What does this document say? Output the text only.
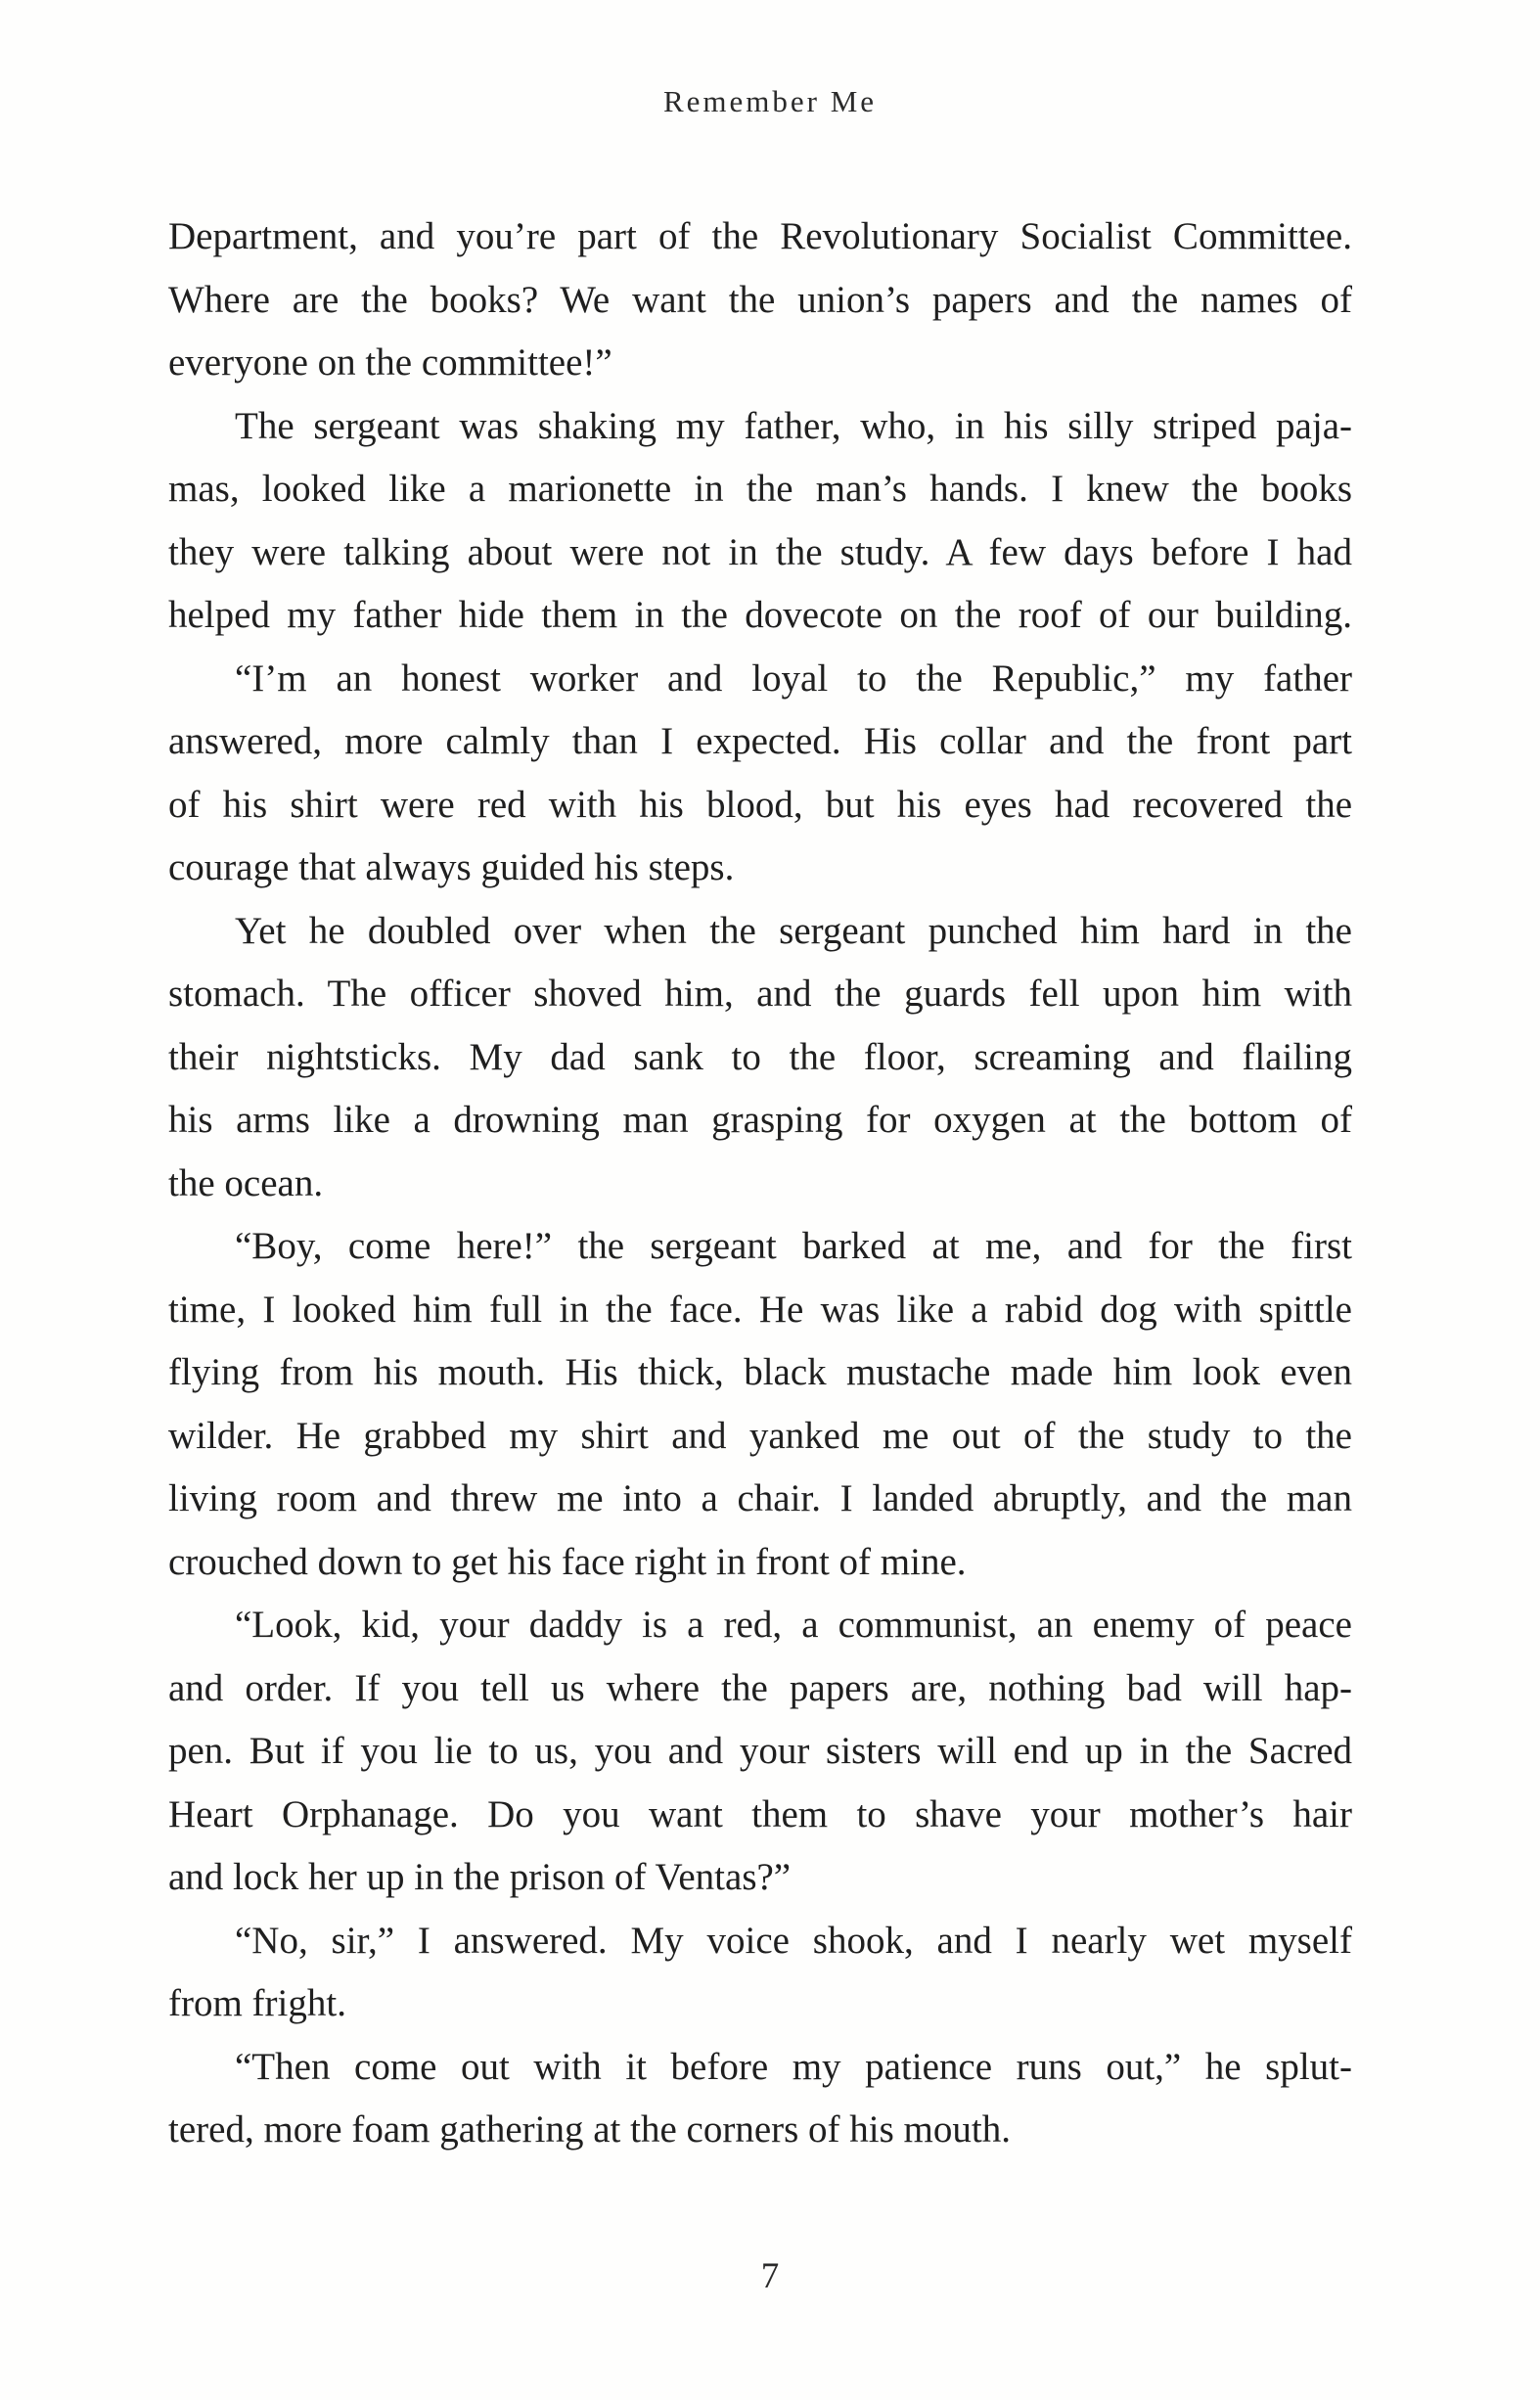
Remember Me
Department, and you’re part of the Revolutionary Socialist Committee.
Where are the books? We want the union’s papers and the names of
everyone on the committee!”
The sergeant was shaking my father, who, in his silly striped paja-
mas, looked like a marionette in the man’s hands. I knew the books
they were talking about were not in the study. A few days before I had
helped my father hide them in the dovecote on the roof of our building.
“I’m an honest worker and loyal to the Republic,” my father
answered, more calmly than I expected. His collar and the front part
of his shirt were red with his blood, but his eyes had recovered the
courage that always guided his steps.
Yet he doubled over when the sergeant punched him hard in the
stomach. The officer shoved him, and the guards fell upon him with
their nightsticks. My dad sank to the floor, screaming and flailing
his arms like a drowning man grasping for oxygen at the bottom of
the ocean.
“Boy, come here!” the sergeant barked at me, and for the first
time, I looked him full in the face. He was like a rabid dog with spittle
flying from his mouth. His thick, black mustache made him look even
wilder. He grabbed my shirt and yanked me out of the study to the
living room and threw me into a chair. I landed abruptly, and the man
crouched down to get his face right in front of mine.
“Look, kid, your daddy is a red, a communist, an enemy of peace
and order. If you tell us where the papers are, nothing bad will hap-
pen. But if you lie to us, you and your sisters will end up in the Sacred
Heart Orphanage. Do you want them to shave your mother’s hair
and lock her up in the prison of Ventas?”
“No, sir,” I answered. My voice shook, and I nearly wet myself
from fright.
“Then come out with it before my patience runs out,” he splut-
tered, more foam gathering at the corners of his mouth.
7
